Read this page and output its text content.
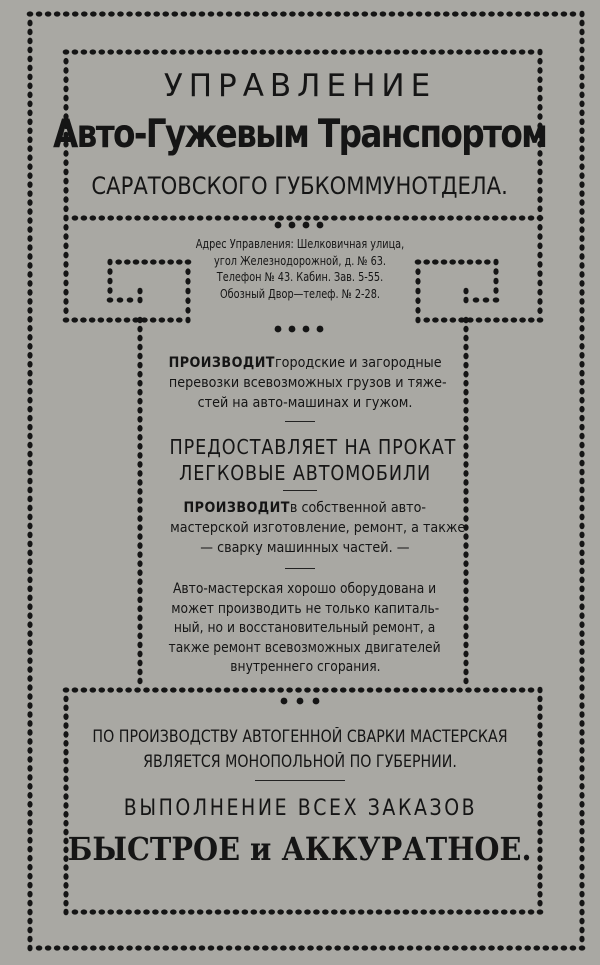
УПРАВЛЕНИЕ
Авто-Гужевым Транспортом
САРАТОВСКОГО ГУБКОММУНОТДЕЛА.
Адрес Управления: Шелковичная улица,
угол Железнодорожной, д. № 63.
Телефон № 43. Кабин. Зав. 5-55.
Обозный Двор—телеф. № 2-28.
ПРОИЗВОДИТгородские и загородные
перевозки всевозможных грузов и тяже-
стей на авто-машинах и гужом.
ПРЕДОСТАВЛЯЕТ НА ПРОКАТ
ЛЕГКОВЫЕ АВТОМОБИЛИ
ПРОИЗВОДИТв собственной авто-
мастерской изготовление, ремонт, а также
— сварку машинных частей. —
Авто-мастерская хорошо оборудована и
может производить не только капиталь-
ный, но и восстановительный ремонт, а
также ремонт всевозможных двигателей
внутреннего сгорания.
ПО ПРОИЗВОДСТВУ АВТОГЕННОЙ СВАРКИ МАСТЕРСКАЯ
ЯВЛЯЕТСЯ МОНОПОЛЬНОЙ ПО ГУБЕРНИИ.
ВЫПОЛНЕНИЕ ВСЕХ ЗАКАЗОВ
БЫСТРОЕ и АККУРАТНОЕ.
